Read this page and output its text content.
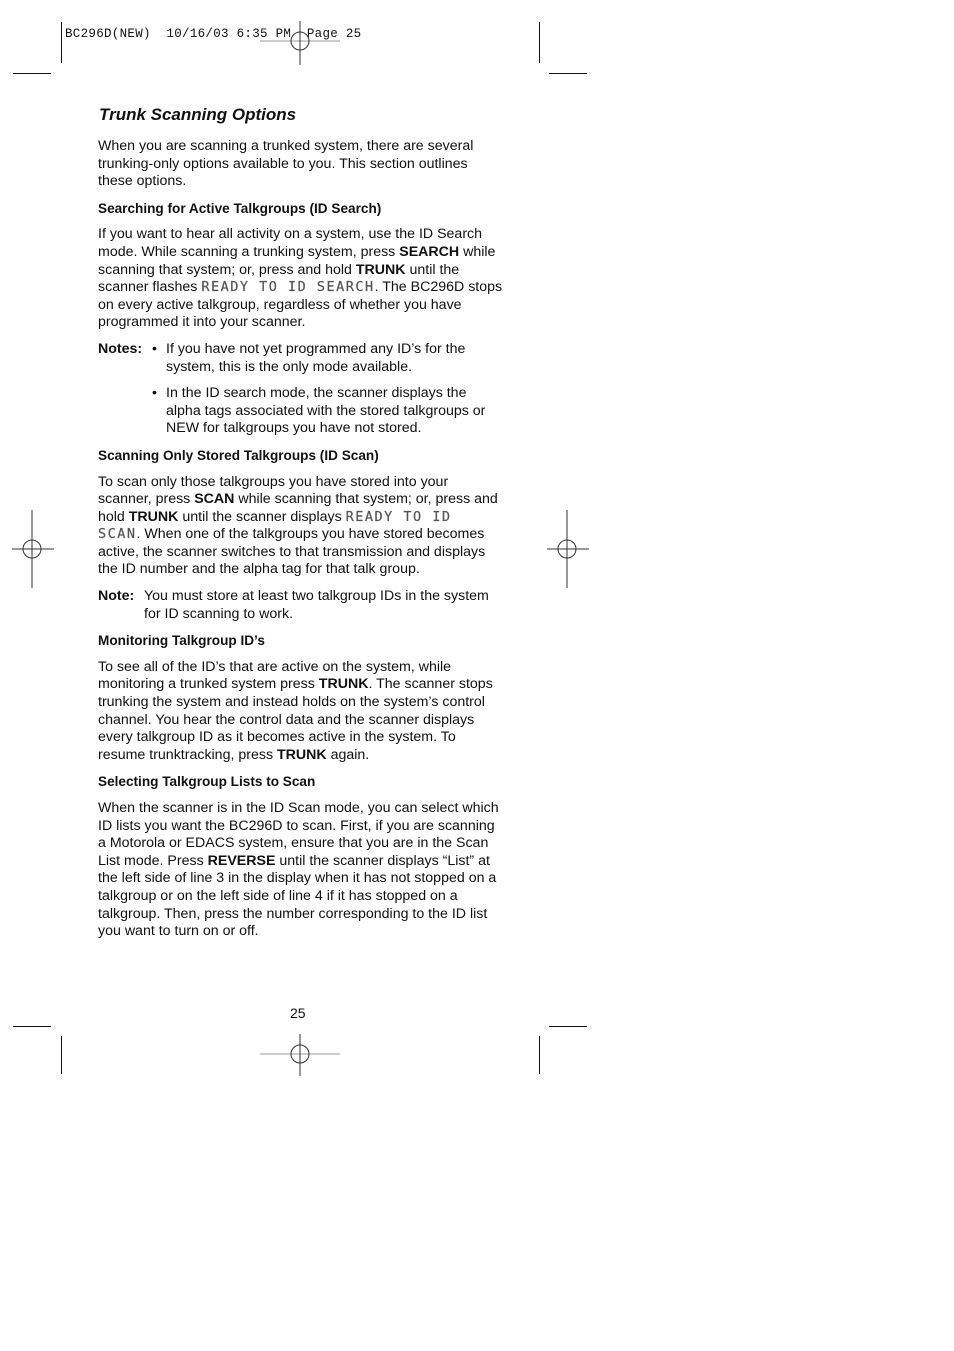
BC296D(NEW)  10/16/03 6:35 PM  Page 25
Trunk Scanning Options

When you are scanning a trunked system, there are several trunking-only options available to you. This section outlines these options.

Searching for Active Talkgroups (ID Search)

If you want to hear all activity on a system, use the ID Search mode. While scanning a trunking system, press SEARCH while scanning that system; or, press and hold TRUNK until the scanner flashes READY TO ID SEARCH. The BC296D stops on every active talkgroup, regardless of whether you have programmed it into your scanner.

Notes: • If you have not yet programmed any ID’s for the system, this is the only mode available.
• In the ID search mode, the scanner displays the alpha tags associated with the stored talkgroups or NEW for talkgroups you have not stored.
Scanning Only Stored Talkgroups (ID Scan)

To scan only those talkgroups you have stored into your scanner, press SCAN while scanning that system; or, press and hold TRUNK until the scanner displays READY TO ID SCAN. When one of the talkgroups you have stored becomes active, the scanner switches to that transmission and displays the ID number and the alpha tag for that talk group.

Note: You must store at least two talkgroup IDs in the system for ID scanning to work.
Monitoring Talkgroup ID’s

To see all of the ID’s that are active on the system, while monitoring a trunked system press TRUNK. The scanner stops trunking the system and instead holds on the system’s control channel. You hear the control data and the scanner displays every talkgroup ID as it becomes active in the system. To resume trunktracking, press TRUNK again.

Selecting Talkgroup Lists to Scan

When the scanner is in the ID Scan mode, you can select which ID lists you want the BC296D to scan. First, if you are scanning a Motorola or EDACS system, ensure that you are in the Scan List mode. Press REVERSE until the scanner displays “List” at the left side of line 3 in the display when it has not stopped on a talkgroup or on the left side of line 4 if it has stopped on a talkgroup. Then, press the number corresponding to the ID list you want to turn on or off.

25
